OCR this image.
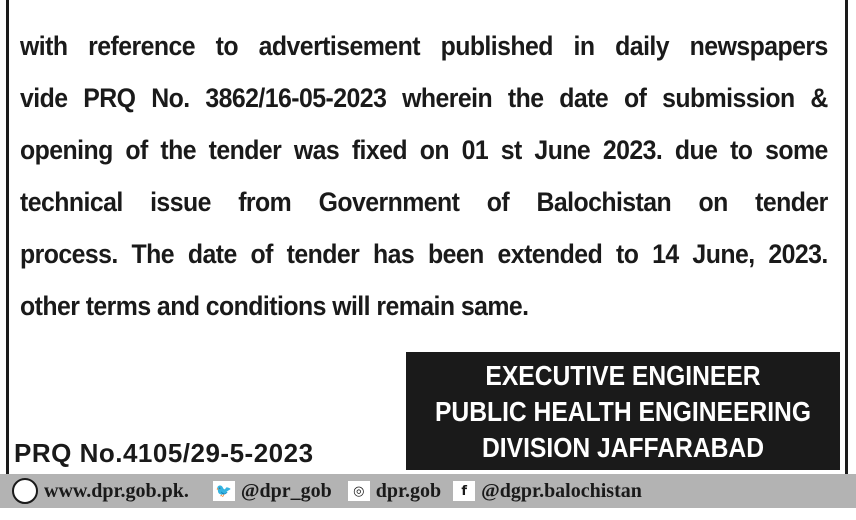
with reference to advertisement published in daily newspapers
vide PRQ No. 3862/16-05-2023 wherein the date of submission &
opening of the tender was fixed on 01 st June 2023. due to some
technical issue from Government of Balochistan on tender
process. The date of tender has been extended to 14 June, 2023.
other terms and conditions will remain same.
EXECUTIVE ENGINEER
PUBLIC HEALTH ENGINEERING
DIVISION JAFFARABAD
PRQ No.4105/29-5-2023
www.dpr.gob.pk. 🐦 @dpr_gob	◎ dpr.gob	f @dgpr.balochistan
